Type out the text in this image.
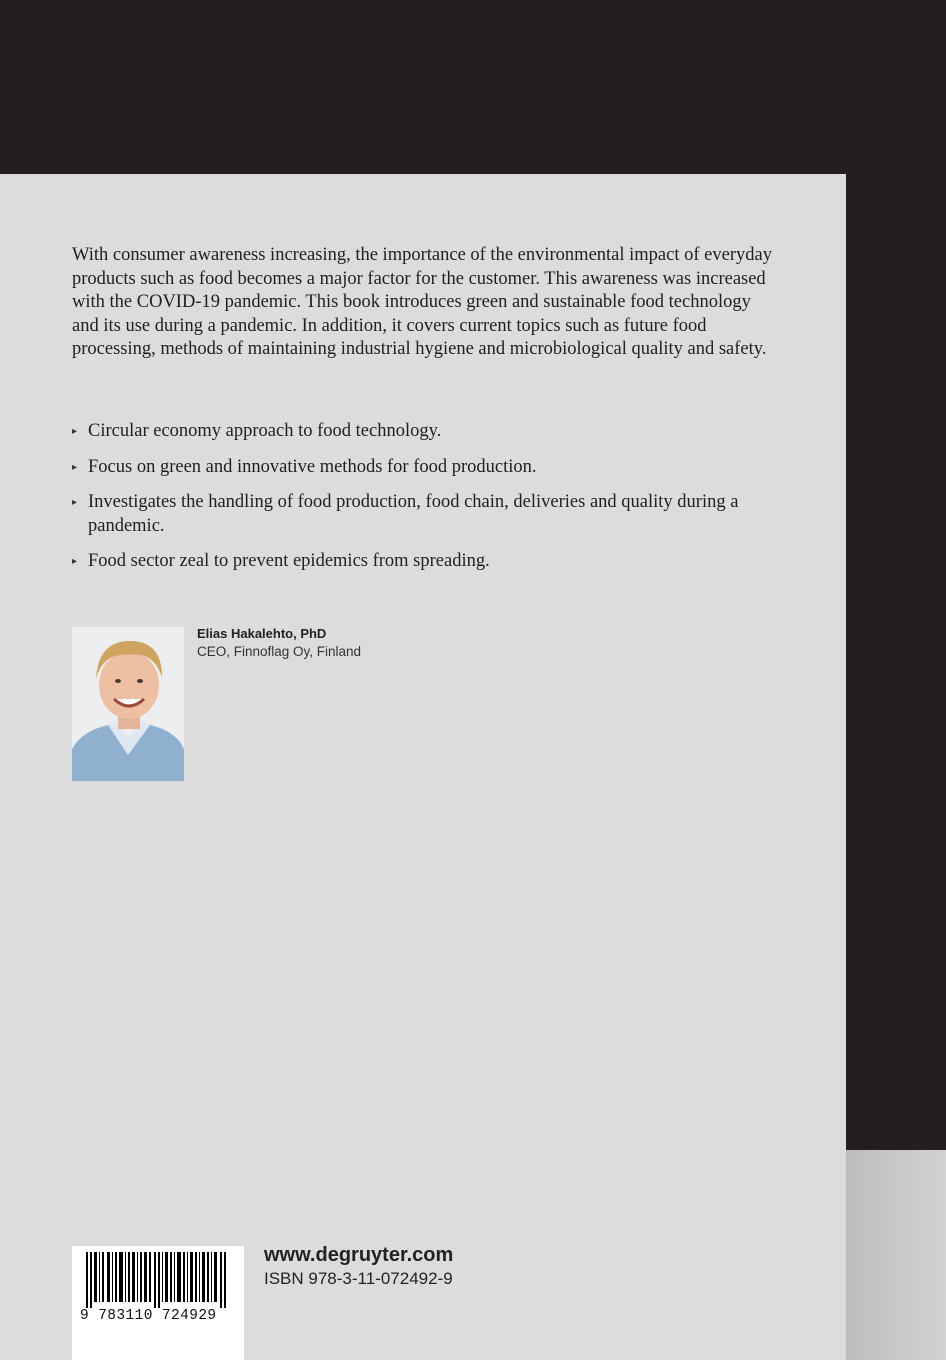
With consumer awareness increasing, the importance of the environmental impact of everyday products such as food becomes a major factor for the customer. This awareness was increased with the COVID-19 pandemic. This book introduces green and sustainable food technology and its use during a pandemic. In addition, it covers current topics such as future food processing, methods of maintaining industrial hygiene and microbiological quality and safety.

▸ Circular economy approach to food technology.
▸ Focus on green and innovative methods for food production.
▸ Investigates the handling of food production, food chain, deliveries and quality during a pandemic.
▸ Food sector zeal to prevent epidemics from spreading.
Elias Hakalehto, PhD
CEO, Finnoflag Oy, Finland
9 783110 724929
www.degruyter.com
ISBN 978-3-11-072492-9
